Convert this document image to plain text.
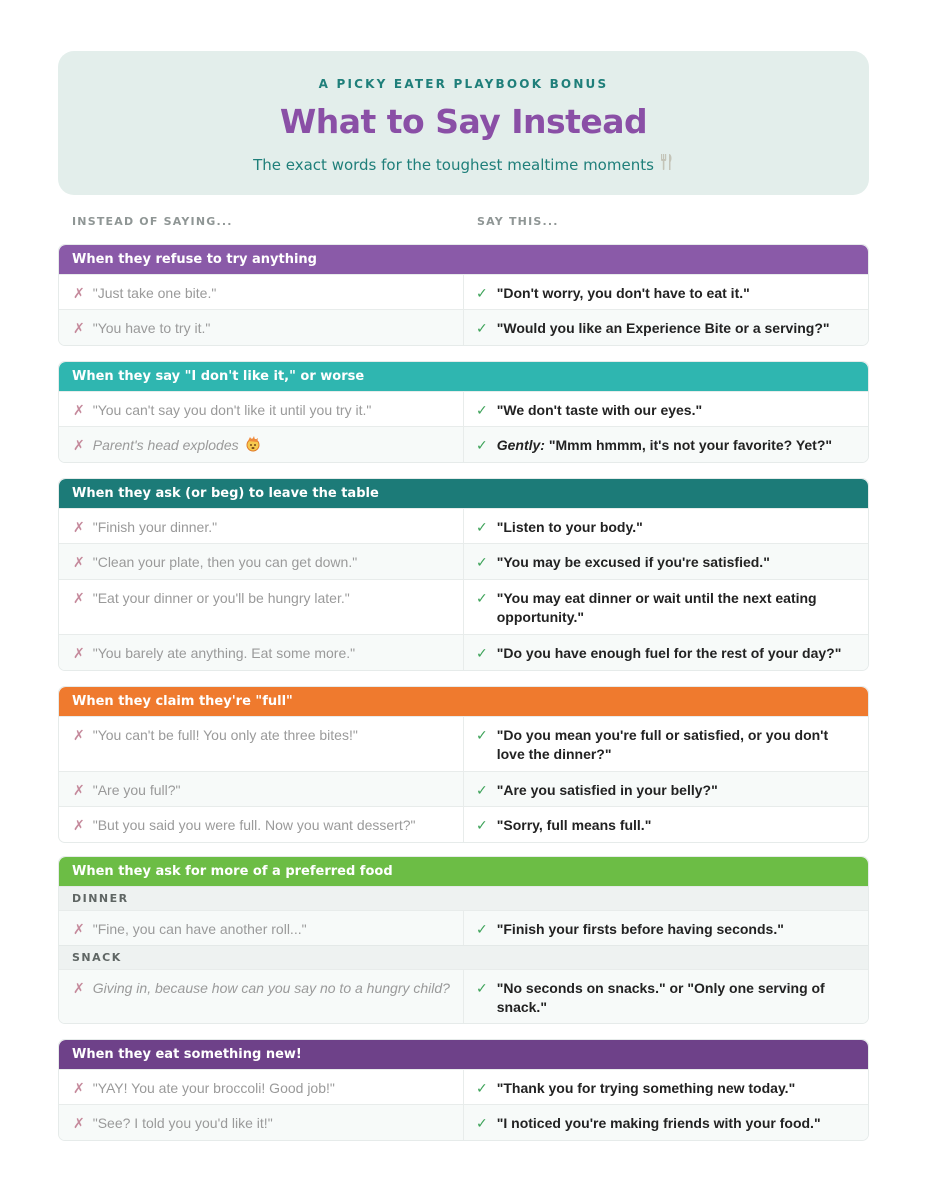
A PICKY EATER PLAYBOOK BONUS
What to Say Instead
The exact words for the toughest mealtime moments
INSTEAD OF SAYING...	SAY THIS...
When they refuse to try anything
✗ "Just take one bite."	✓ "Don't worry, you don't have to eat it."
✗ "You have to try it."	✓ "Would you like an Experience Bite or a serving?"
When they say "I don't like it," or worse
✗ "You can't say you don't like it until you try it."	✓ "We don't taste with our eyes."
✗ Parent's head explodes	✓ Gently: "Mmm hmmm, it's not your favorite? Yet?"
When they ask (or beg) to leave the table
✗ "Finish your dinner."	✓ "Listen to your body."
✗ "Clean your plate, then you can get down."	✓ "You may be excused if you're satisfied."
✗ "Eat your dinner or you'll be hungry later."	✓ "You may eat dinner or wait until the next eating opportunity."
✗ "You barely ate anything. Eat some more."	✓ "Do you have enough fuel for the rest of your day?"
When they claim they're "full"
✗ "You can't be full! You only ate three bites!"	✓ "Do you mean you're full or satisfied, or you don't love the dinner?"
✗ "Are you full?"	✓ "Are you satisfied in your belly?"
✗ "But you said you were full. Now you want dessert?"	✓ "Sorry, full means full."
When they ask for more of a preferred food
DINNER
✗ "Fine, you can have another roll..."	✓ "Finish your firsts before having seconds."
SNACK
✗ Giving in, because how can you say no to a hungry child? ✓ "No seconds on snacks." or "Only one serving of snack."
When they eat something new!
✗ "YAY! You ate your broccoli! Good job!"	✓ "Thank you for trying something new today."
✗ "See? I told you you'd like it!"	✓ "I noticed you're making friends with your food."
